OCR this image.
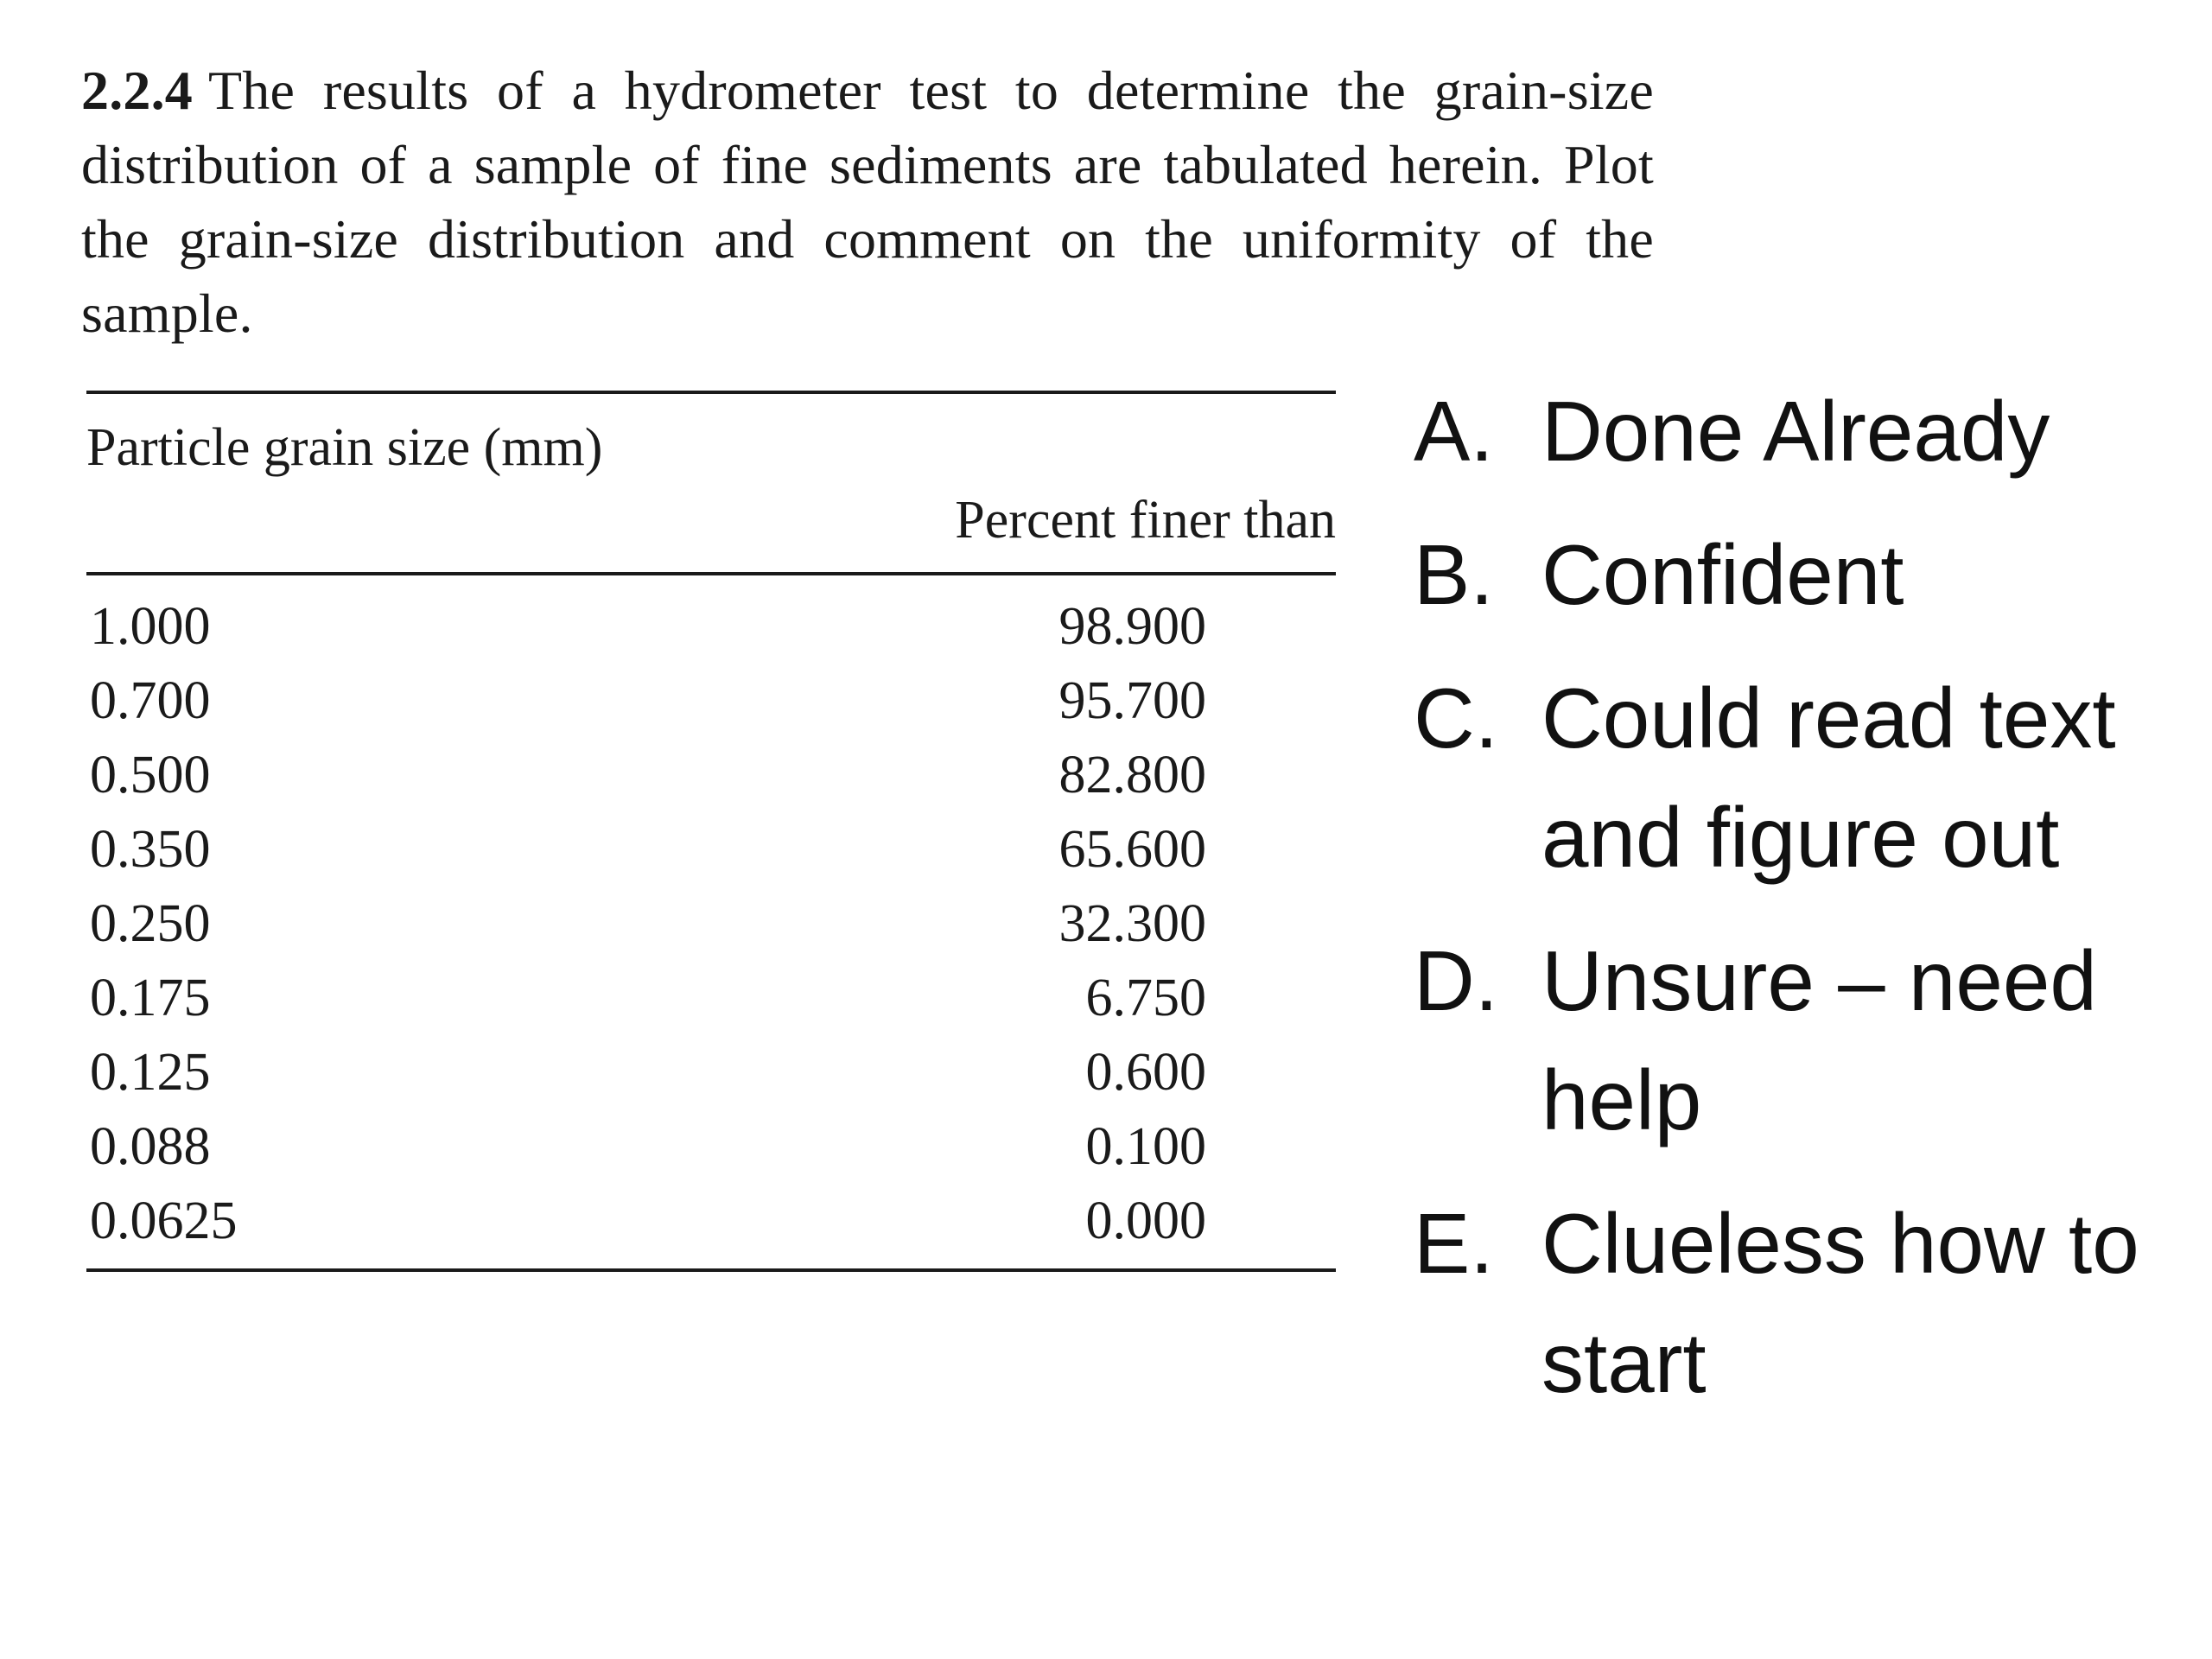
2.2.4 The results of a hydrometer test to determine the grain-size distribution of a sample of fine sediments are tabulated herein. Plot the grain-size distribution and comment on the uniformity of the sample.
Particle grain size (mm)
Percent finer than
1.000	98.900
0.700	95.700
0.500	82.800
0.350	65.600
0.250	32.300
0.175	6.750
0.125	0.600
0.088	0.100
0.0625	0.000
A. Done Already
B. Confident
C. Could read text and figure out
D. Unsure – need help
E. Clueless how to start
